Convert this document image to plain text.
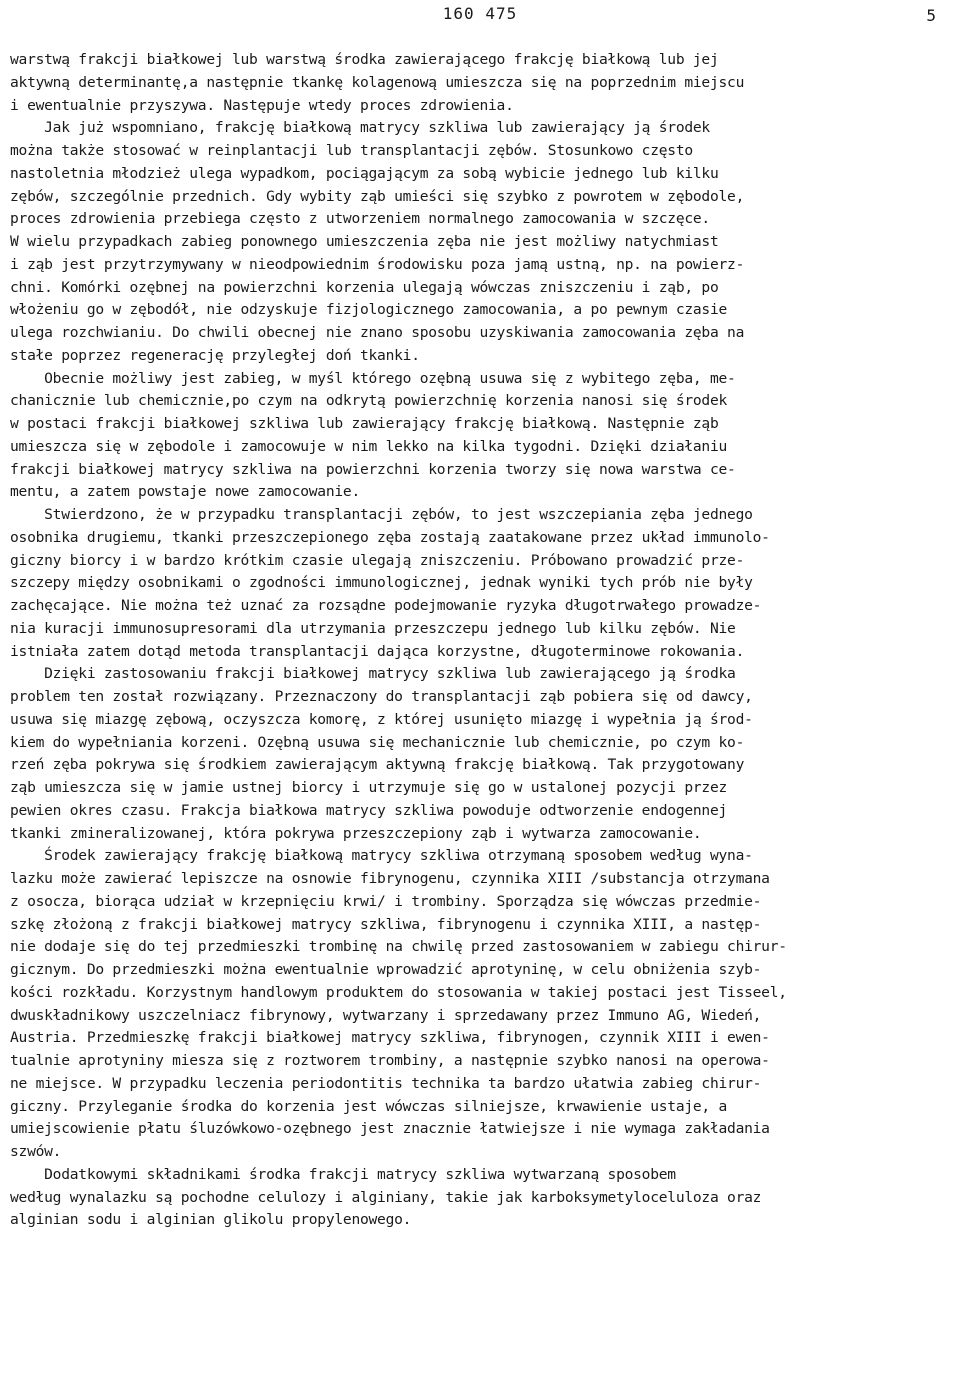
160 475	5
warstwą frakcji białkowej lub warstwą środka zawierającego frakcję białkową lub jej
aktywną determinantę,a następnie tkankę kolagenową umieszcza się na poprzednim miejscu
i ewentualnie przyszywa. Następuje wtedy proces zdrowienia.
Jak już wspomniano, frakcję białkową matrycy szkliwa lub zawierający ją środek
można także stosować w reinplantacji lub transplantacji zębów. Stosunkowo często
nastoletnia młodzież ulega wypadkom, pociągającym za sobą wybicie jednego lub kilku
zębów, szczególnie przednich. Gdy wybity ząb umieści się szybko z powrotem w zębodole,
proces zdrowienia przebiega często z utworzeniem normalnego zamocowania w szczęce.
W wielu przypadkach zabieg ponownego umieszczenia zęba nie jest możliwy natychmiast
i ząb jest przytrzymywany w nieodpowiednim środowisku poza jamą ustną, np. na powierz-
chni. Komórki ozębnej na powierzchni korzenia ulegają wówczas zniszczeniu i ząb, po
włożeniu go w zębodół, nie odzyskuje fizjologicznego zamocowania, a po pewnym czasie
ulega rozchwianiu. Do chwili obecnej nie znano sposobu uzyskiwania zamocowania zęba na
stałe poprzez regenerację przyległej doń tkanki.
Obecnie możliwy jest zabieg, w myśl którego ozębną usuwa się z wybitego zęba, me-
chanicznie lub chemicznie,po czym na odkrytą powierzchnię korzenia nanosi się środek
w postaci frakcji białkowej szkliwa lub zawierający frakcję białkową. Następnie ząb
umieszcza się w zębodole i zamocowuje w nim lekko na kilka tygodni. Dzięki działaniu
frakcji białkowej matrycy szkliwa na powierzchni korzenia tworzy się nowa warstwa ce-
mentu, a zatem powstaje nowe zamocowanie.
Stwierdzono, że w przypadku transplantacji zębów, to jest wszczepiania zęba jednego
osobnika drugiemu, tkanki przeszczepionego zęba zostają zaatakowane przez układ immunolo-
giczny biorcy i w bardzo krótkim czasie ulegają zniszczeniu. Próbowano prowadzić prze-
szczepy między osobnikami o zgodności immunologicznej, jednak wyniki tych prób nie były
zachęcające. Nie można też uznać za rozsądne podejmowanie ryzyka długotrwałego prowadze-
nia kuracji immunosupresorami dla utrzymania przeszczepu jednego lub kilku zębów. Nie
istniała zatem dotąd metoda transplantacji dająca korzystne, długoterminowe rokowania.
Dzięki zastosowaniu frakcji białkowej matrycy szkliwa lub zawierającego ją środka
problem ten został rozwiązany. Przeznaczony do transplantacji ząb pobiera się od dawcy,
usuwa się miazgę zębową, oczyszcza komorę, z której usunięto miazgę i wypełnia ją środ-
kiem do wypełniania korzeni. Ozębną usuwa się mechanicznie lub chemicznie, po czym ko-
rzeń zęba pokrywa się środkiem zawierającym aktywną frakcję białkową. Tak przygotowany
ząb umieszcza się w jamie ustnej biorcy i utrzymuje się go w ustalonej pozycji przez
pewien okres czasu. Frakcja białkowa matrycy szkliwa powoduje odtworzenie endogennej
tkanki zmineralizowanej, która pokrywa przeszczepiony ząb i wytwarza zamocowanie.
Środek zawierający frakcję białkową matrycy szkliwa otrzymaną sposobem według wyna-
lazku może zawierać lepiszcze na osnowie fibrynogenu, czynnika XIII /substancja otrzymana
z osocza, biorąca udział w krzepnięciu krwi/ i trombiny. Sporządza się wówczas przedmie-
szkę złożoną z frakcji białkowej matrycy szkliwa, fibrynogenu i czynnika XIII, a następ-
nie dodaje się do tej przedmieszki trombinę na chwilę przed zastosowaniem w zabiegu chirur-
gicznym. Do przedmieszki można ewentualnie wprowadzić aprotyninę, w celu obniżenia szyb-
kości rozkładu. Korzystnym handlowym produktem do stosowania w takiej postaci jest Tisseel,
dwuskładnikowy uszczelniacz fibrynowy, wytwarzany i sprzedawany przez Immuno AG, Wiedeń,
Austria. Przedmieszkę frakcji białkowej matrycy szkliwa, fibrynogen, czynnik XIII i ewen-
tualnie aprotyniny miesza się z roztworem trombiny, a następnie szybko nanosi na operowa-
ne miejsce. W przypadku leczenia periodontitis technika ta bardzo ułatwia zabieg chirur-
giczny. Przyleganie środka do korzenia jest wówczas silniejsze, krwawienie ustaje, a
umiejscowienie płatu śluzówkowo-ozębnego jest znacznie łatwiejsze i nie wymaga zakładania
szwów.
Dodatkowymi składnikami środka frakcji matrycy szkliwa wytwarzaną sposobem
według wynalazku są pochodne celulozy i alginiany, takie jak karboksymetyloceluloza oraz
alginian sodu i alginian glikolu propylenowego.
